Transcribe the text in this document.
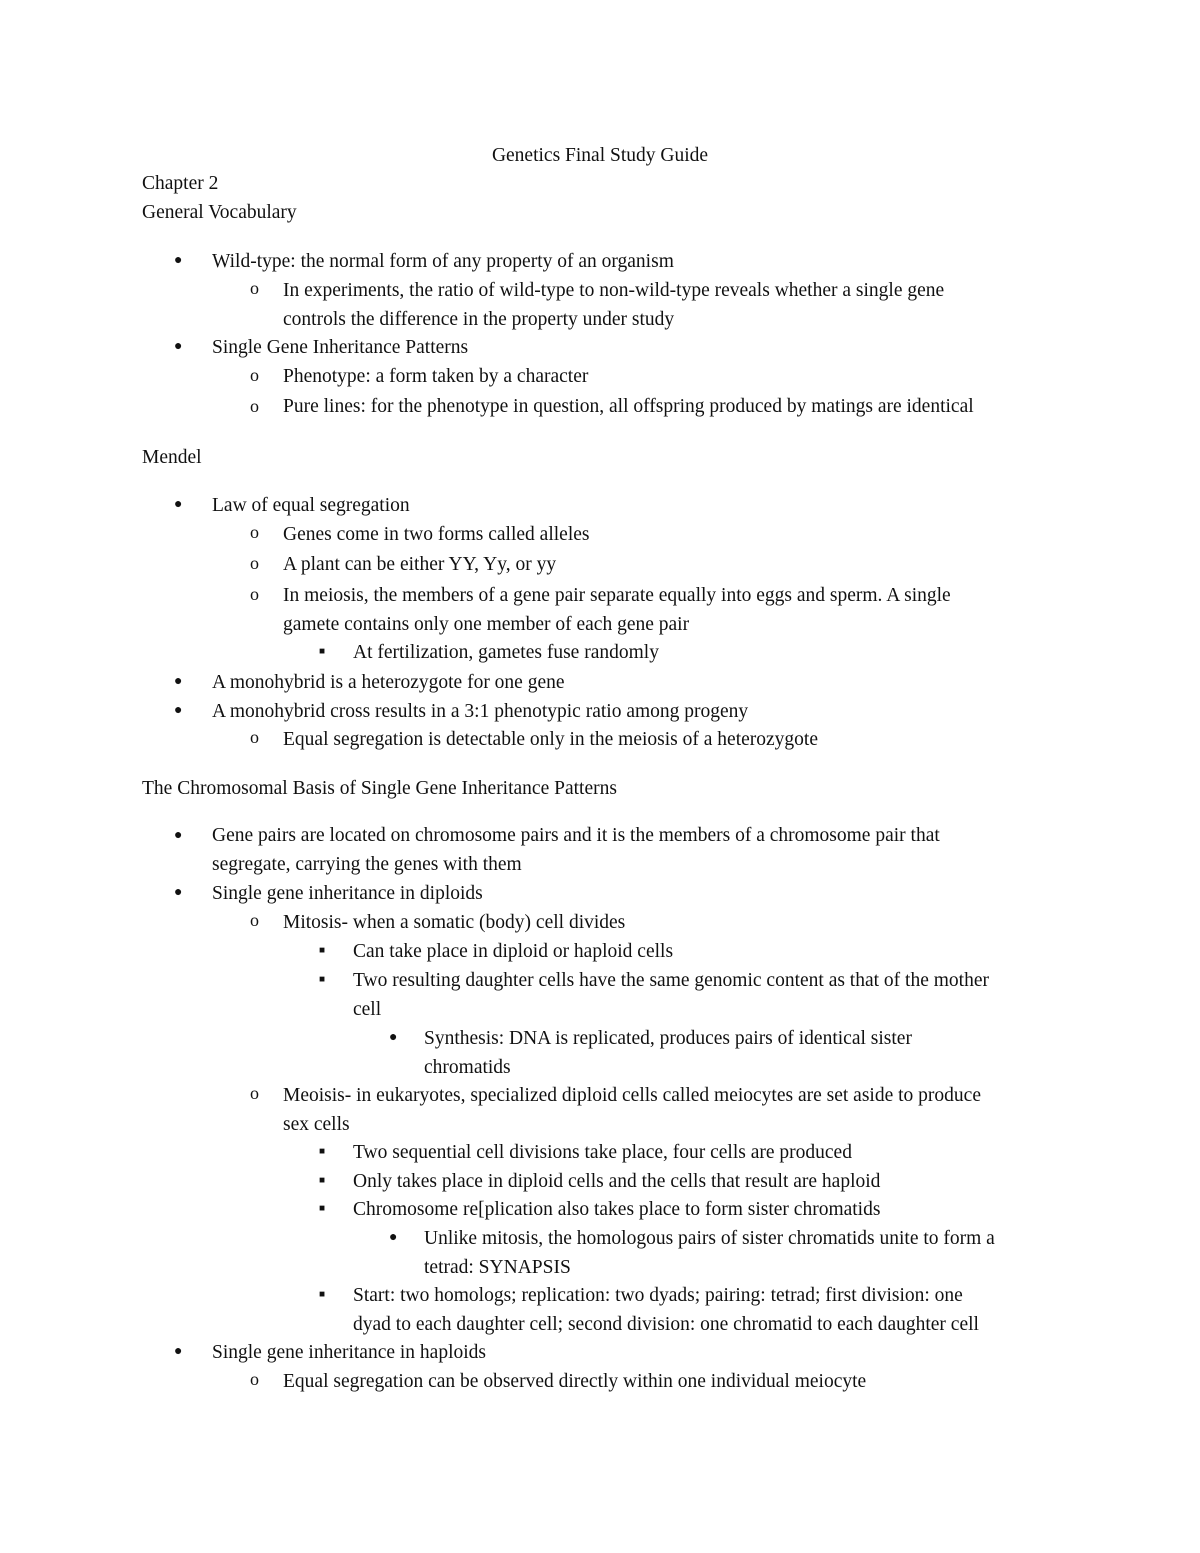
Genetics Final Study Guide
Chapter 2
General Vocabulary
● Wild-type: the normal form of any property of an organism
o In experiments, the ratio of wild-type to non-wild-type reveals whether a single gene
controls the difference in the property under study
● Single Gene Inheritance Patterns
o Phenotype: a form taken by a character
o Pure lines: for the phenotype in question, all offspring produced by matings are identical
Mendel
● Law of equal segregation
o Genes come in two forms called alleles
o A plant can be either YY, Yy, or yy
o In meiosis, the members of a gene pair separate equally into eggs and sperm. A single
gamete contains only one member of each gene pair
■ At fertilization, gametes fuse randomly
● A monohybrid is a heterozygote for one gene
● A monohybrid cross results in a 3:1 phenotypic ratio among progeny
o Equal segregation is detectable only in the meiosis of a heterozygote
The Chromosomal Basis of Single Gene Inheritance Patterns
● Gene pairs are located on chromosome pairs and it is the members of a chromosome pair that
segregate, carrying the genes with them
● Single gene inheritance in diploids
o Mitosis- when a somatic (body) cell divides
■ Can take place in diploid or haploid cells
■ Two resulting daughter cells have the same genomic content as that of the mother
cell
● Synthesis: DNA is replicated, produces pairs of identical sister
chromatids
o Meoisis- in eukaryotes, specialized diploid cells called meiocytes are set aside to produce
sex cells
■ Two sequential cell divisions take place, four cells are produced
■ Only takes place in diploid cells and the cells that result are haploid
■ Chromosome re[plication also takes place to form sister chromatids
● Unlike mitosis, the homologous pairs of sister chromatids unite to form a
tetrad: SYNAPSIS
■ Start: two homologs; replication: two dyads; pairing: tetrad; first division: one
dyad to each daughter cell; second division: one chromatid to each daughter cell
● Single gene inheritance in haploids
o Equal segregation can be observed directly within one individual meiocyte
